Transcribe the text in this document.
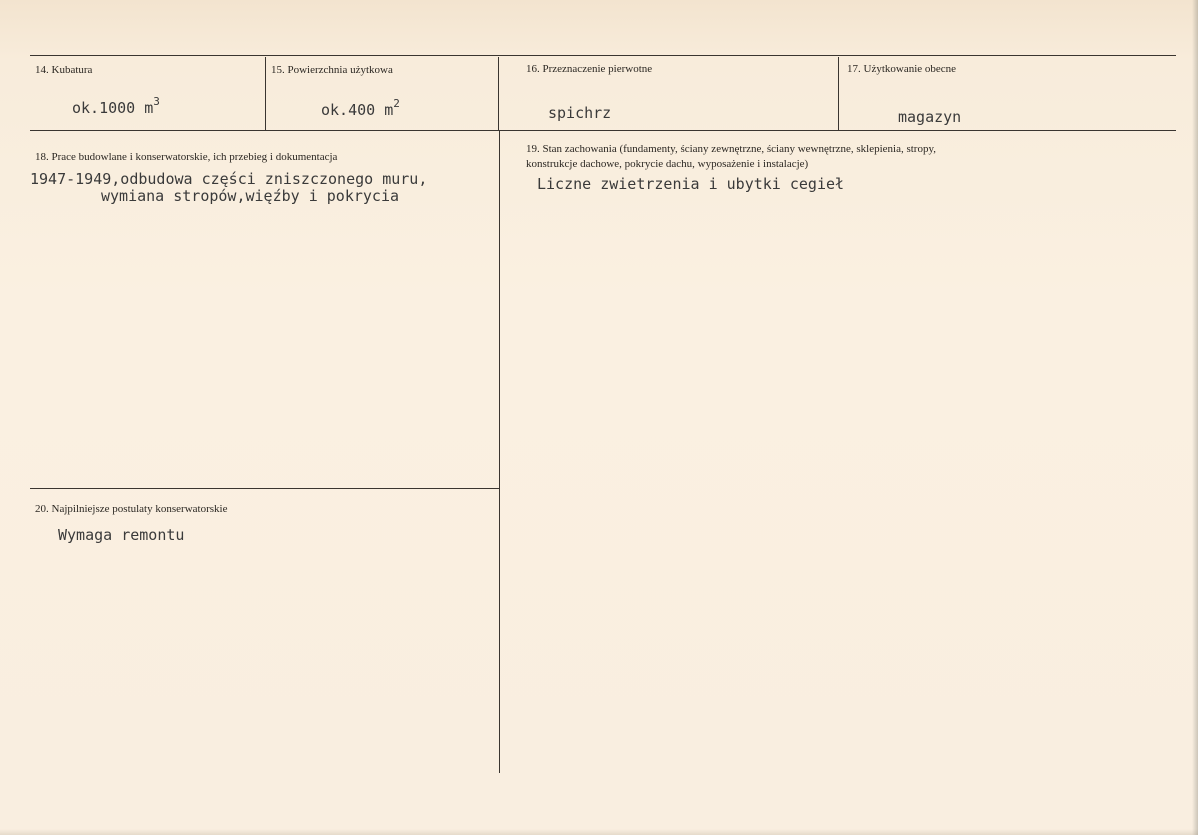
14. Kubatura
ok.1000 $m^3$
15. Powierzchnia użytkowa
ok.400 $m^2$
16. Przeznaczenie pierwotne
spichrz
17. Użytkowanie obecne
magazyn
18. Prace budowlane i konserwatorskie, ich przebieg i dokumentacja
1947-1949,odbudowa części zniszczonego muru,
wymiana stropów,więźby i pokrycia
19. Stan zachowania (fundamenty, ściany zewnętrzne, ściany wewnętrzne, sklepienia, stropy,
konstrukcje dachowe, pokrycie dachu, wyposażenie i instalacje)
Liczne zwietrzenia i ubytki cegieł
20. Najpilniejsze postulaty konserwatorskie
Wymaga remontu
